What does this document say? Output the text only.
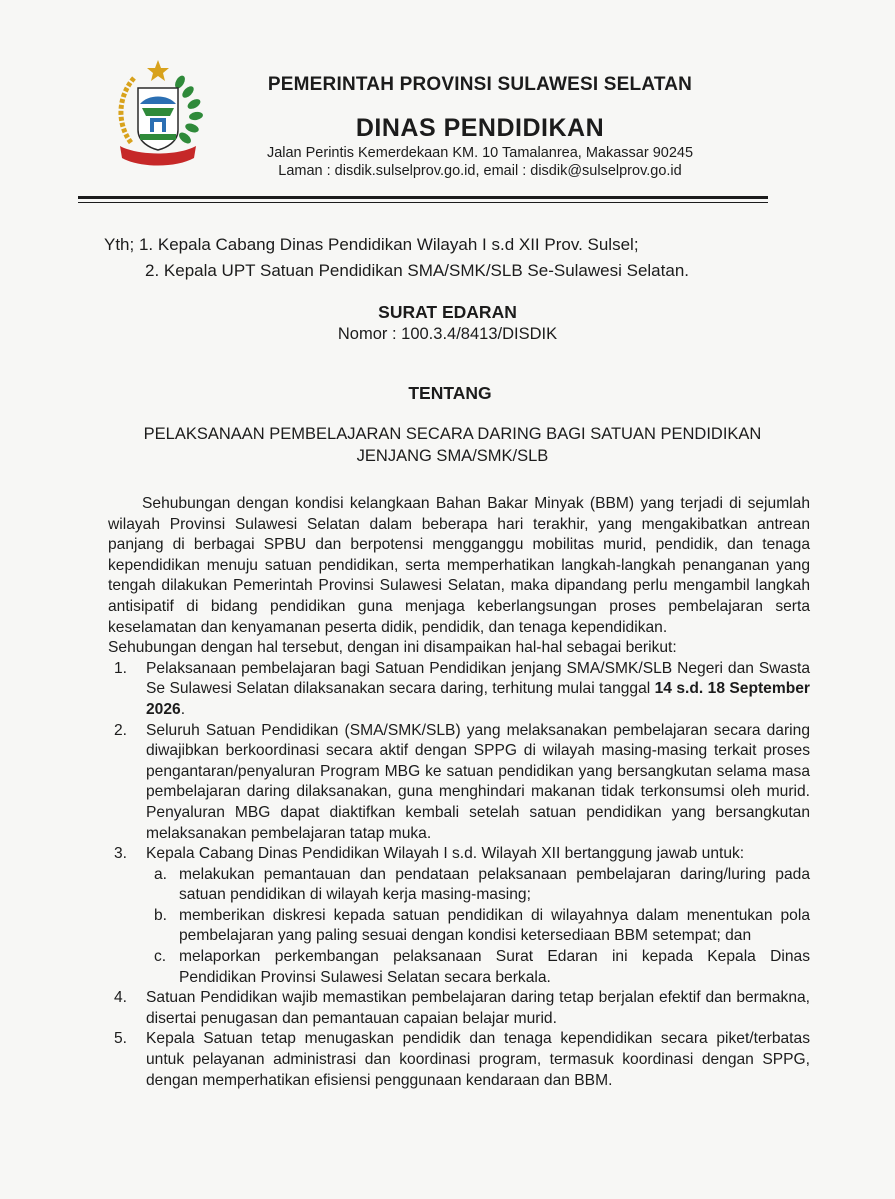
PEMERINTAH PROVINSI SULAWESI SELATAN
DINAS PENDIDIKAN
Jalan Perintis Kemerdekaan KM. 10 Tamalanrea, Makassar 90245
Laman : disdik.sulselprov.go.id, email : disdik@sulselprov.go.id
Yth; 1. Kepala Cabang Dinas Pendidikan Wilayah I s.d XII Prov. Sulsel;
2. Kepala UPT Satuan Pendidikan SMA/SMK/SLB Se-Sulawesi Selatan.
SURAT EDARAN
Nomor : 100.3.4/8413/DISDIK
TENTANG
PELAKSANAAN PEMBELAJARAN SECARA DARING BAGI SATUAN PENDIDIKAN
JENJANG SMA/SMK/SLB

Sehubungan dengan kondisi kelangkaan Bahan Bakar Minyak (BBM) yang terjadi di sejumlah wilayah Provinsi Sulawesi Selatan dalam beberapa hari terakhir, yang mengakibatkan antrean panjang di berbagai SPBU dan berpotensi mengganggu mobilitas murid, pendidik, dan tenaga kependidikan menuju satuan pendidikan, serta memperhatikan langkah-langkah penanganan yang tengah dilakukan Pemerintah Provinsi Sulawesi Selatan, maka dipandang perlu mengambil langkah antisipatif di bidang pendidikan guna menjaga keberlangsungan proses pembelajaran serta keselamatan dan kenyamanan peserta didik, pendidik, dan tenaga kependidikan.

Sehubungan dengan hal tersebut, dengan ini disampaikan hal-hal sebagai berikut:

1. Pelaksanaan pembelajaran bagi Satuan Pendidikan jenjang SMA/SMK/SLB Negeri dan Swasta Se Sulawesi Selatan dilaksanakan secara daring, terhitung mulai tanggal 14 s.d. 18 September 2026.
2. Seluruh Satuan Pendidikan (SMA/SMK/SLB) yang melaksanakan pembelajaran secara daring diwajibkan berkoordinasi secara aktif dengan SPPG di wilayah masing-masing terkait proses pengantaran/penyaluran Program MBG ke satuan pendidikan yang bersangkutan selama masa pembelajaran daring dilaksanakan, guna menghindari makanan tidak terkonsumsi oleh murid. Penyaluran MBG dapat diaktifkan kembali setelah satuan pendidikan yang bersangkutan melaksanakan pembelajaran tatap muka.
3. Kepala Cabang Dinas Pendidikan Wilayah I s.d. Wilayah XII bertanggung jawab untuk:
a. melakukan pemantauan dan pendataan pelaksanaan pembelajaran daring/luring pada satuan pendidikan di wilayah kerja masing-masing;
b. memberikan diskresi kepada satuan pendidikan di wilayahnya dalam menentukan pola pembelajaran yang paling sesuai dengan kondisi ketersediaan BBM setempat; dan
c. melaporkan perkembangan pelaksanaan Surat Edaran ini kepada Kepala Dinas Pendidikan Provinsi Sulawesi Selatan secara berkala.
4. Satuan Pendidikan wajib memastikan pembelajaran daring tetap berjalan efektif dan bermakna, disertai penugasan dan pemantauan capaian belajar murid.
5. Kepala Satuan tetap menugaskan pendidik dan tenaga kependidikan secara piket/terbatas untuk pelayanan administrasi dan koordinasi program, termasuk koordinasi dengan SPPG, dengan memperhatikan efisiensi penggunaan kendaraan dan BBM.
